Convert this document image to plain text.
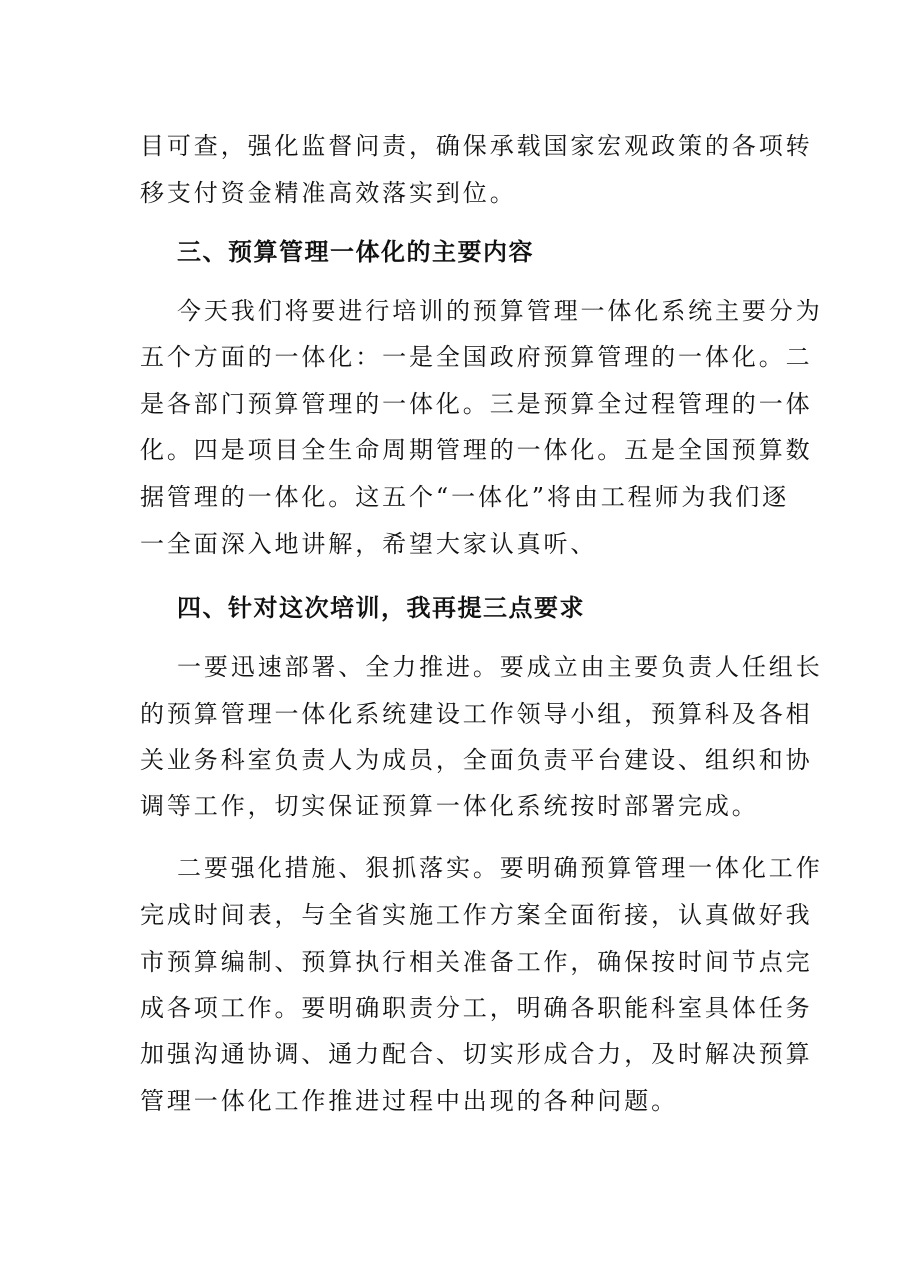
目可查，强化监督问责，确保承载国家宏观政策的各项转
移支付资金精准高效落实到位。
三、预算管理一体化的主要内容
今天我们将要进行培训的预算管理一体化系统主要分为
五个方面的一体化：一是全国政府预算管理的一体化。二
是各部门预算管理的一体化。三是预算全过程管理的一体
化。四是项目全生命周期管理的一体化。五是全国预算数
据管理的一体化。这五个“一体化”将由工程师为我们逐
一全面深入地讲解，希望大家认真听、
四、针对这次培训，我再提三点要求
一要迅速部署、全力推进。要成立由主要负责人任组长
的预算管理一体化系统建设工作领导小组，预算科及各相
关业务科室负责人为成员，全面负责平台建设、组织和协
调等工作，切实保证预算一体化系统按时部署完成。
二要强化措施、狠抓落实。要明确预算管理一体化工作
完成时间表，与全省实施工作方案全面衔接，认真做好我
市预算编制、预算执行相关准备工作，确保按时间节点完
成各项工作。要明确职责分工，明确各职能科室具体任务
加强沟通协调、通力配合、切实形成合力，及时解决预算
管理一体化工作推进过程中出现的各种问题。
